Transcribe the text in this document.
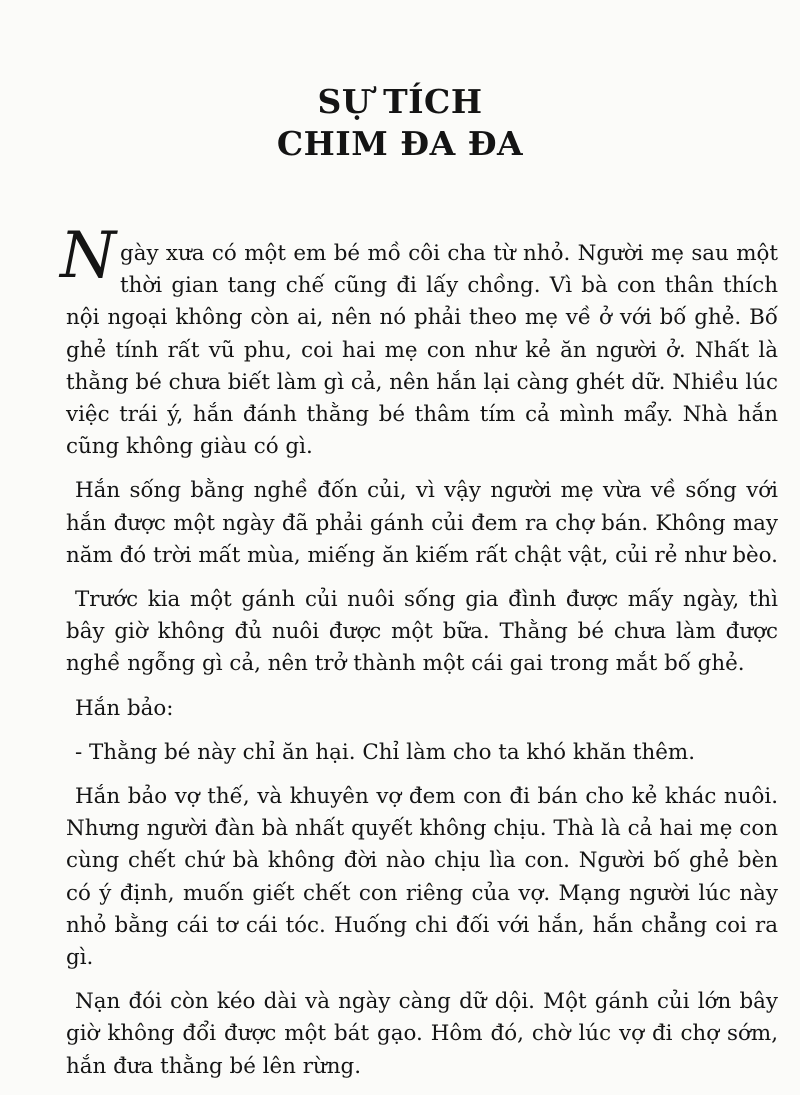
SỰ TÍCH
CHIM ĐA ĐA

Ngày xưa có một em bé mồ côi cha từ nhỏ. Người mẹ sau một thời gian tang chế cũng đi lấy chồng. Vì bà con thân thích nội ngoại không còn ai, nên nó phải theo mẹ về ở với bố ghẻ. Bố ghẻ tính rất vũ phu, coi hai mẹ con như kẻ ăn người ở. Nhất là thằng bé chưa biết làm gì cả, nên hắn lại càng ghét dữ. Nhiều lúc việc trái ý, hắn đánh thằng bé thâm tím cả mình mẩy. Nhà hắn cũng không giàu có gì.

Hắn sống bằng nghề đốn củi, vì vậy người mẹ vừa về sống với hắn được một ngày đã phải gánh củi đem ra chợ bán. Không may năm đó trời mất mùa, miếng ăn kiếm rất chật vật, củi rẻ như bèo.

Trước kia một gánh củi nuôi sống gia đình được mấy ngày, thì bây giờ không đủ nuôi được một bữa. Thằng bé chưa làm được nghề ngỗng gì cả, nên trở thành một cái gai trong mắt bố ghẻ.

Hắn bảo:

- Thằng bé này chỉ ăn hại. Chỉ làm cho ta khó khăn thêm.

Hắn bảo vợ thế, và khuyên vợ đem con đi bán cho kẻ khác nuôi. Nhưng người đàn bà nhất quyết không chịu. Thà là cả hai mẹ con cùng chết chứ bà không đời nào chịu lìa con. Người bố ghẻ bèn có ý định, muốn giết chết con riêng của vợ. Mạng người lúc này nhỏ bằng cái tơ cái tóc. Huống chi đối với hắn, hắn chẳng coi ra gì.

Nạn đói còn kéo dài và ngày càng dữ dội. Một gánh củi lớn bây giờ không đổi được một bát gạo. Hôm đó, chờ lúc vợ đi chợ sớm, hắn đưa thằng bé lên rừng.
